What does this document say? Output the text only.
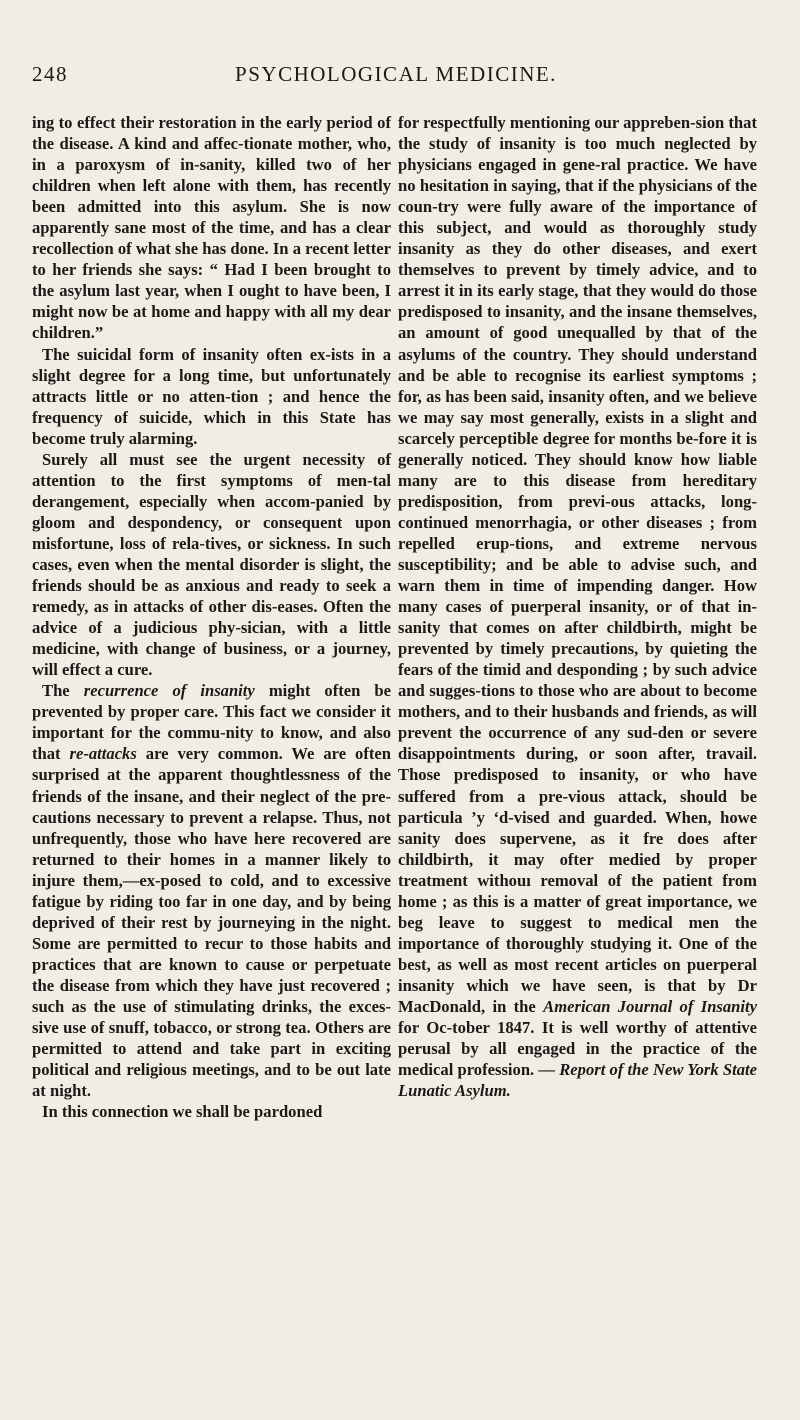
248	PSYCHOLOGICAL MEDICINE.

ing to effect their restoration in the early period of the disease. A kind and affec-tionate mother, who, in a paroxysm of in-sanity, killed two of her children when left alone with them, has recently been admitted into this asylum. She is now apparently sane most of the time, and has a clear recollection of what she has done. In a recent letter to her friends she says: “ Had I been brought to the asylum last year, when I ought to have been, I might now be at home and happy with all my dear children.”

The suicidal form of insanity often ex-ists in a slight degree for a long time, but unfortunately attracts little or no atten-tion ; and hence the frequency of suicide, which in this State has become truly alarming.

Surely all must see the urgent necessity of attention to the first symptoms of men-tal derangement, especially when accom-panied by gloom and despondency, or consequent upon misfortune, loss of rela-tives, or sickness. In such cases, even when the mental disorder is slight, the friends should be as anxious and ready to seek a remedy, as in attacks of other dis-eases. Often the advice of a judicious phy-sician, with a little medicine, with change of business, or a journey, will effect a cure.

The recurrence of insanity might often be prevented by proper care. This fact we consider it important for the commu-nity to know, and also that re-attacks are very common. We are often surprised at the apparent thoughtlessness of the friends of the insane, and their neglect of the pre-cautions necessary to prevent a relapse. Thus, not unfrequently, those who have here recovered are returned to their homes in a manner likely to injure them,—ex-posed to cold, and to excessive fatigue by riding too far in one day, and by being deprived of their rest by journeying in the night. Some are permitted to recur to those habits and practices that are known to cause or perpetuate the disease from which they have just recovered ; such as the use of stimulating drinks, the exces-sive use of snuff, tobacco, or strong tea. Others are permitted to attend and take part in exciting political and religious meetings, and to be out late at night.

In this connection we shall be pardoned

for respectfully mentioning our appreben-sion that the study of insanity is too much neglected by physicians engaged in gene-ral practice. We have no hesitation in saying, that if the physicians of the coun-try were fully aware of the importance of this subject, and would as thoroughly study insanity as they do other diseases, and exert themselves to prevent by timely advice, and to arrest it in its early stage, that they would do those predisposed to insanity, and the insane themselves, an amount of good unequalled by that of the asylums of the country. They should understand and be able to recognise its earliest symptoms ; for, as has been said, insanity often, and we believe we may say most generally, exists in a slight and scarcely perceptible degree for months be-fore it is generally noticed. They should know how liable many are to this disease from hereditary predisposition, from previ-ous attacks, long-continued menorrhagia, or other diseases ; from repelled erup-tions, and extreme nervous susceptibility; and be able to advise such, and warn them in time of impending danger. How many cases of puerperal insanity, or of that in-sanity that comes on after childbirth, might be prevented by timely precautions, by quieting the fears of the timid and desponding ; by such advice and sugges-tions to those who are about to become mothers, and to their husbands and friends, as will prevent the occurrence of any sud-den or severe disappointments during, or soon after, travail. Those predisposed to insanity, or who have suffered from a pre-vious attack, should be particula ’y ‘d-vised and guarded. When, howe sanity does supervene, as it fre does after childbirth, it may ofter medied by proper treatment withouı removal of the patient from home ; as this is a matter of great importance, we beg leave to suggest to medical men the importance of thoroughly studying it. One of the best, as well as most recent articles on puerperal insanity which we have seen, is that by Dr MacDonald, in the American Journal of Insanity for Oc-tober 1847. It is well worthy of attentive perusal by all engaged in the practice of the medical profession. — Report of the New York State Lunatic Asylum.
